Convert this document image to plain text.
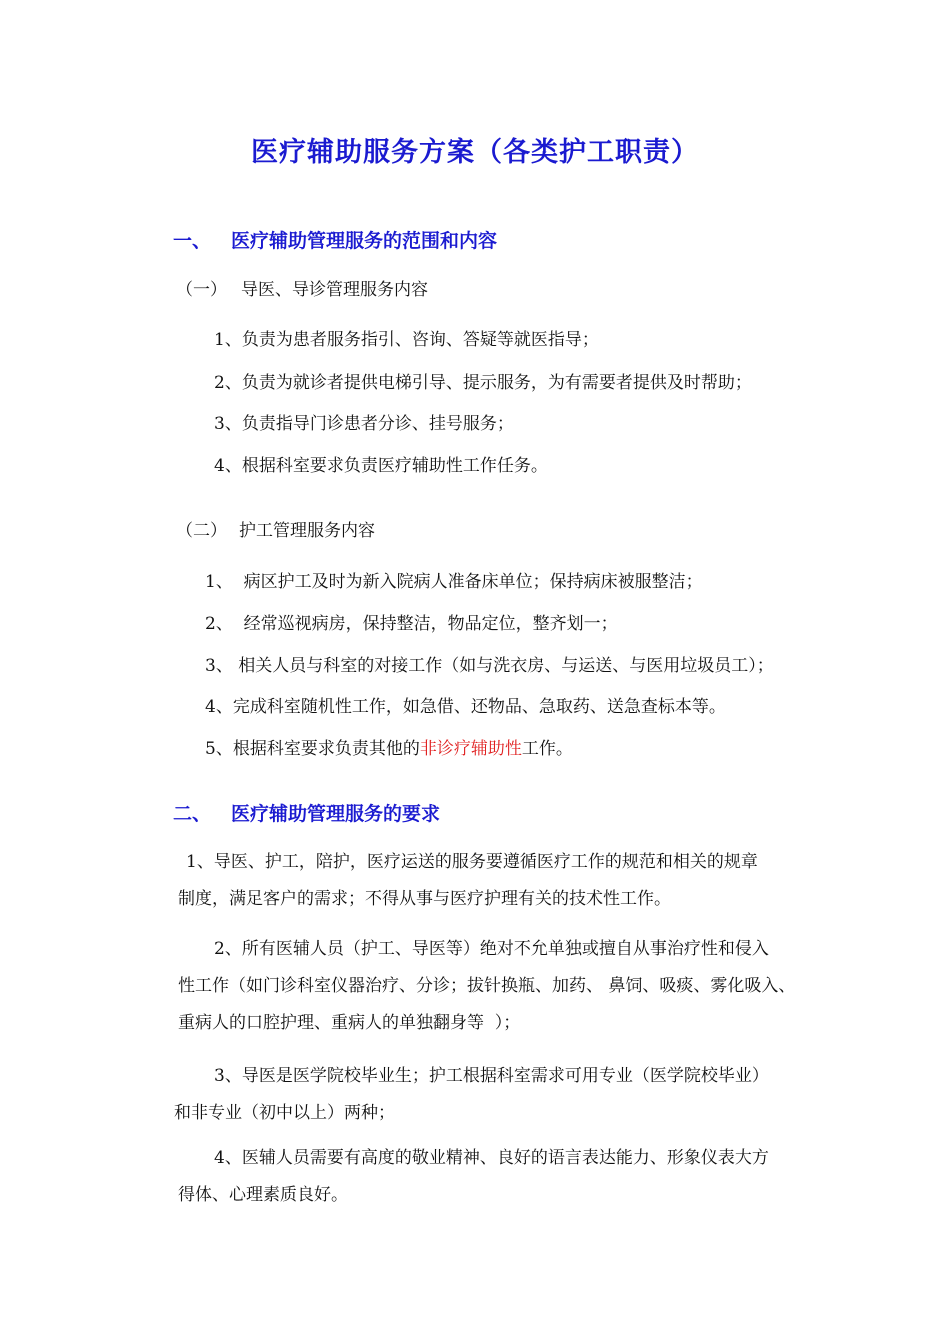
医疗辅助服务方案（各类护工职责）
一、 医疗辅助管理服务的范围和内容
（一） 导医、导诊管理服务内容
1、负责为患者服务指引、咨询、答疑等就医指导；
2、负责为就诊者提供电梯引导、提示服务，为有需要者提供及时帮助；
3、负责指导门诊患者分诊、挂号服务；
4、根据科室要求负责医疗辅助性工作任务。
（二） 护工管理服务内容
1、  病区护工及时为新入院病人准备床单位；保持病床被服整洁；
2、  经常巡视病房，保持整洁，物品定位，整齐划一；
3、 相关人员与科室的对接工作（如与洗衣房、与运送、与医用垃圾员工）；
4、完成科室随机性工作，如急借、还物品、急取药、送急查标本等。
5、根据科室要求负责其他的非诊疗辅助性工作。
二、 医疗辅助管理服务的要求
1、导医、护工，陪护，医疗运送的服务要遵循医疗工作的规范和相关的规章
制度，满足客户的需求；不得从事与医疗护理有关的技术性工作。
2、所有医辅人员（护工、导医等）绝对不允单独或擅自从事治疗性和侵入
性工作（如门诊科室仪器治疗、分诊；拔针换瓶、加药、 鼻饲、吸痰、雾化吸入、
重病人的口腔护理、重病人的单独翻身等  ）；
3、导医是医学院校毕业生；护工根据科室需求可用专业（医学院校毕业）
和非专业（初中以上）两种；
4、医辅人员需要有高度的敬业精神、良好的语言表达能力、形象仪表大方
得体、心理素质良好。
